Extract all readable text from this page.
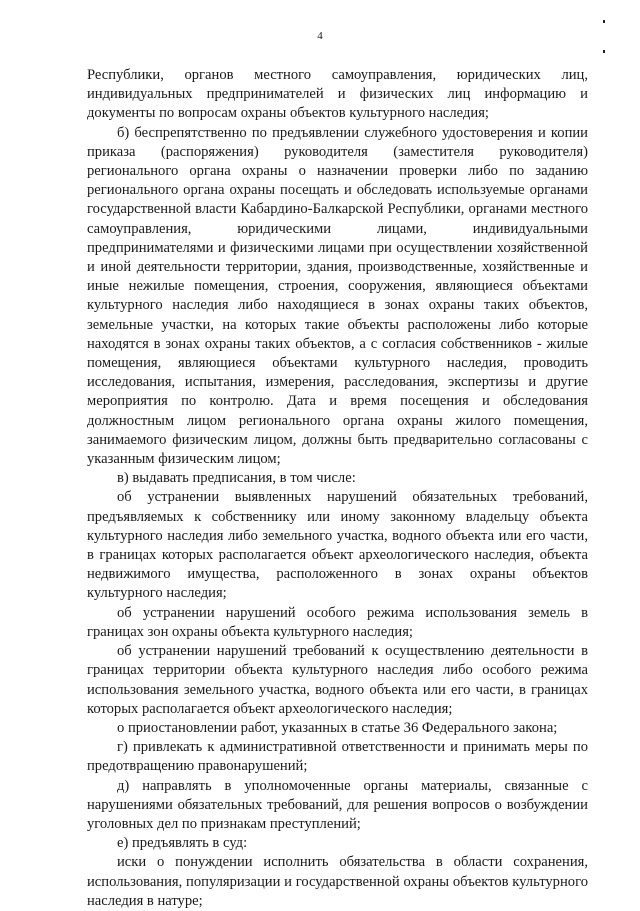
4

Республики, органов местного самоуправления, юридических лиц, индивидуальных предпринимателей и физических лиц информацию и документы по вопросам охраны объектов культурного наследия;

б) беспрепятственно по предъявлении служебного удостоверения и копии приказа (распоряжения) руководителя (заместителя руководителя) регионального органа охраны о назначении проверки либо по заданию регионального органа охраны посещать и обследовать используемые органами государственной власти Кабардино-Балкарской Республики, органами местного самоуправления, юридическими лицами, индивидуальными предпринимателями и физическими лицами при осуществлении хозяйственной и иной деятельности территории, здания, производственные, хозяйственные и иные нежилые помещения, строения, сооружения, являющиеся объектами культурного наследия либо находящиеся в зонах охраны таких объектов, земельные участки, на которых такие объекты расположены либо которые находятся в зонах охраны таких объектов, а с согласия собственников - жилые помещения, являющиеся объектами культурного наследия, проводить исследования, испытания, измерения, расследования, экспертизы и другие мероприятия по контролю. Дата и время посещения и обследования должностным лицом регионального органа охраны жилого помещения, занимаемого физическим лицом, должны быть предварительно согласованы с указанным физическим лицом;

в) выдавать предписания, в том числе:

об устранении выявленных нарушений обязательных требований, предъявляемых к собственнику или иному законному владельцу объекта культурного наследия либо земельного участка, водного объекта или его части, в границах которых располагается объект археологического наследия, объекта недвижимого имущества, расположенного в зонах охраны объектов культурного наследия;

об устранении нарушений особого режима использования земель в границах зон охраны объекта культурного наследия;

об устранении нарушений требований к осуществлению деятельности в границах территории объекта культурного наследия либо особого режима использования земельного участка, водного объекта или его части, в границах которых располагается объект археологического наследия;

о приостановлении работ, указанных в статье 36 Федерального закона;

г) привлекать к административной ответственности и принимать меры по предотвращению правонарушений;

д) направлять в уполномоченные органы материалы, связанные с нарушениями обязательных требований, для решения вопросов о возбуждении уголовных дел по признакам преступлений;

е) предъявлять в суд:

иски о понуждении исполнить обязательства в области сохранения, использования, популяризации и государственной охраны объектов культурного наследия в натуре;
